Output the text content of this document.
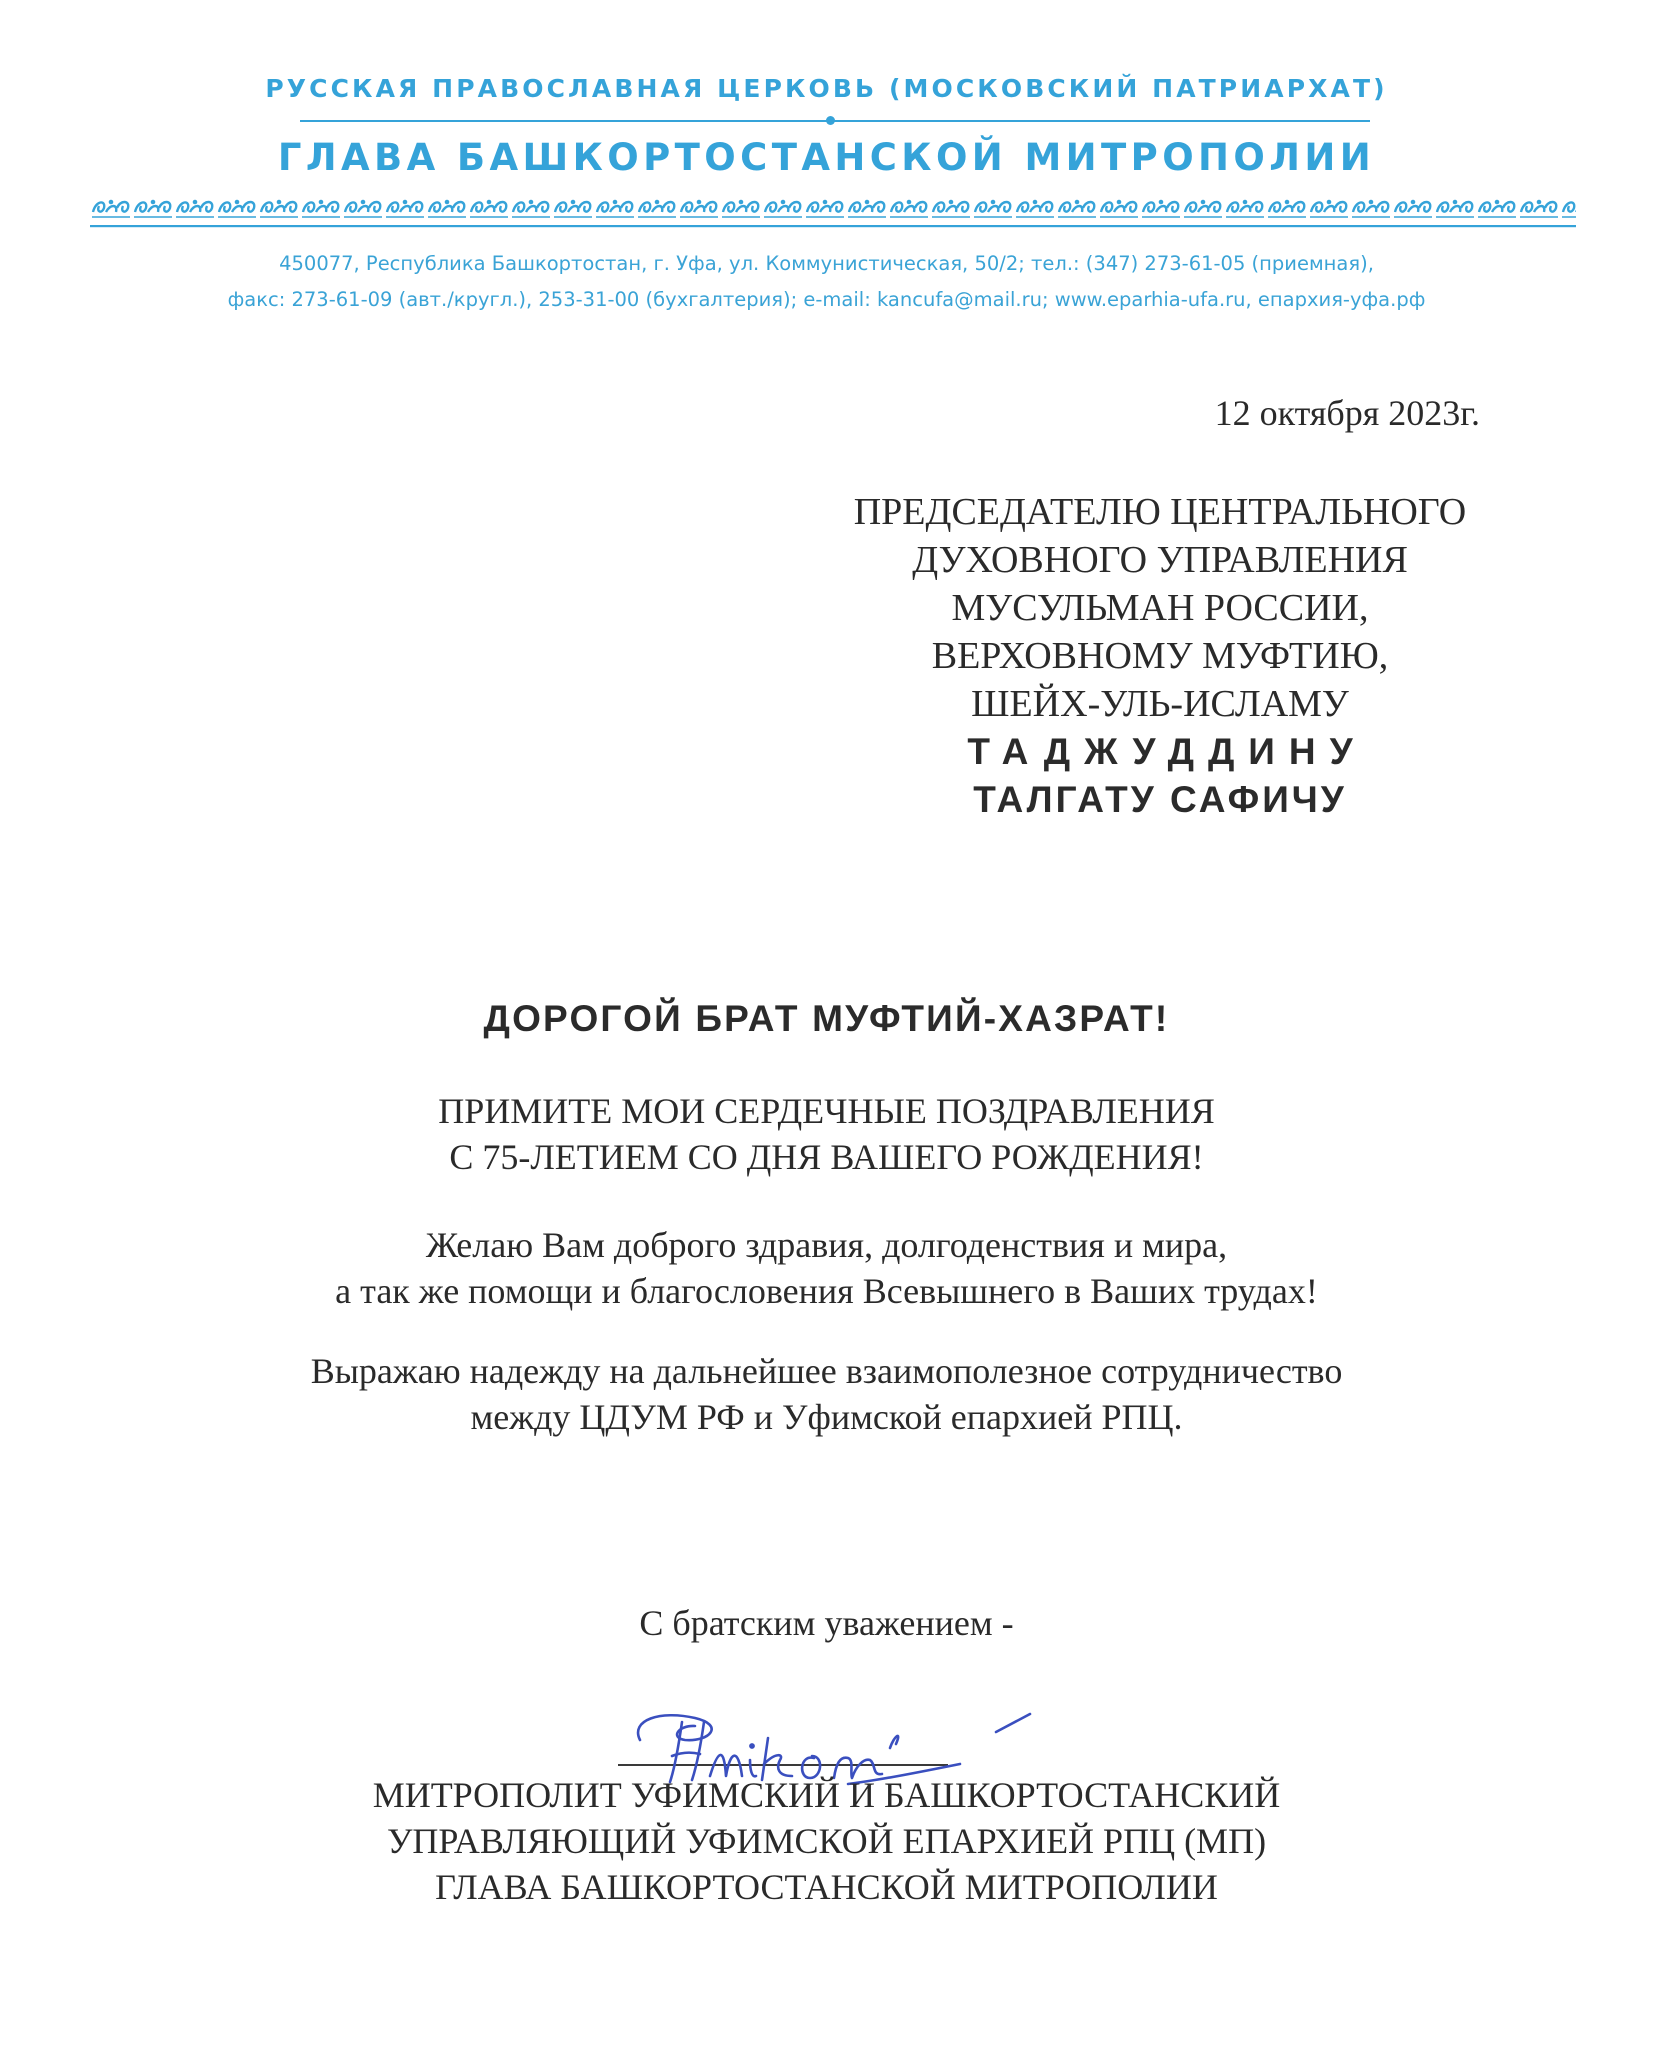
РУССКАЯ ПРАВОСЛАВНАЯ ЦЕРКОВЬ (МОСКОВСКИЙ ПАТРИАРХАТ)
ГЛАВА БАШКОРТОСТАНСКОЙ МИТРОПОЛИИ
450077, Республика Башкортостан, г. Уфа, ул. Коммунистическая, 50/2; тел.: (347) 273-61-05 (приемная),
факс: 273-61-09 (авт./кругл.), 253-31-00 (бухгалтерия); e-mail: kancufa@mail.ru; www.eparhia-ufa.ru, епархия-уфа.рф
12 октября 2023г.
ПРЕДСЕДАТЕЛЮ ЦЕНТРАЛЬНОГО
ДУХОВНОГО УПРАВЛЕНИЯ
МУСУЛЬМАН РОССИИ,
ВЕРХОВНОМУ МУФТИЮ,
ШЕЙХ-УЛЬ-ИСЛАМУ
ТАДЖУДДИНУ
ТАЛГАТУ САФИЧУ
ДОРОГОЙ БРАТ МУФТИЙ-ХАЗРАТ!
ПРИМИТЕ МОИ СЕРДЕЧНЫЕ ПОЗДРАВЛЕНИЯ
С 75-ЛЕТИЕМ СО ДНЯ ВАШЕГО РОЖДЕНИЯ!
Желаю Вам доброго здравия, долгоденствия и мира,
а так же помощи и благословения Всевышнего в Ваших трудах!
Выражаю надежду на дальнейшее взаимополезное сотрудничество
между ЦДУМ РФ и Уфимской епархией РПЦ.
С братским уважением -
МИТРОПОЛИТ УФИМСКИЙ И БАШКОРТОСТАНСКИЙ
УПРАВЛЯЮЩИЙ УФИМСКОЙ ЕПАРХИЕЙ РПЦ (МП)
ГЛАВА БАШКОРТОСТАНСКОЙ МИТРОПОЛИИ
